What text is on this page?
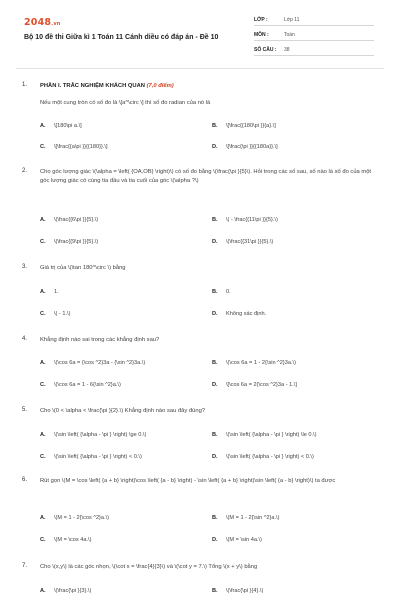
2048.vn
Bộ 10 đề thi Giữa kì 1 Toán 11 Cánh diều có đáp án - Đề 10
LỚP :	Lớp 11
MÔN :	Toán
SỐ CÂU : 38
1. PHẦN I. TRẮC NGHIỆM KHÁCH QUAN (7,0 điểm)
Nếu một cung tròn có số đo là \[a^\circ \] thì số đo radian của nó là
A. \[180\pi a.\]	B. \[\frac{{180\pi }}{a}.\]
C. \[\frac{{a\pi }}{{180}}.\]	D. \[\frac{\pi }}{{180a}}.\]
2. Cho góc lượng giác \(\alpha = \left( {OA,OB} \right)\) có số đo bằng \(\frac{\pi }{5}\). Hỏi trong các số sau, số nào là số đo của một góc lượng giác có cùng tia đầu và tia cuối của góc \(\alpha ?\)
A. \(\frac{{6\pi }}{5}.\)	B. \( - \frac{{11\pi }}{5}.\)
C. \(\frac{{9\pi }}{5}.\)	D. \(\frac{{31\pi }}{5}.\)
3. Giá trị của \(\tan 180^\circ \) bằng
A. 1.	B. 0.
C. \( - 1.\)	D. Không xác định.
4. Khẳng định nào sai trong các khẳng định sau?
A. \(\cos 6a = {\cos ^2}3a - {\sin ^2}3a.\)	B. \(\cos 6a = 1 - 2{\sin ^2}3a.\)
C. \(\cos 6a = 1 - 6{\sin ^2}a.\)	D. \[\cos 6a = 2{\cos ^2}3a - 1.\]
5. Cho \(0 < \alpha < \frac{\pi }{2}.\) Khẳng định nào sau đây đúng?
A. \(\sin \left( {\alpha - \pi } \right) \ge 0.\)	B. \(\sin \left( {\alpha - \pi } \right) \le 0.\)
C. \(\sin \left( {\alpha - \pi } \right) < 0.\)	D. \(\sin \left( {\alpha - \pi } \right) < 0.\)
6. Rút gọn \(M = \cos \left( {a + b} \right)\cos \left( {a - b} \right) - \sin \left( {a + b} \right)\sin \left( {a - b} \right)\) ta được
A. \(M = 1 - 2{\cos ^2}a.\)	B. \(M = 1 - 2{\sin ^2}a.\)
C. \(M = \cos 4a.\)	D. \(M = \sin 4a.\)
7. Cho \(x,y\) là các góc nhọn, \(\cot x = \frac{4}{3}\) và \(\cot y = 7.\) Tổng \(x + y\) bằng
A. \(\frac{\pi }{3}.\)	B. \(\frac{\pi }{4}.\)
